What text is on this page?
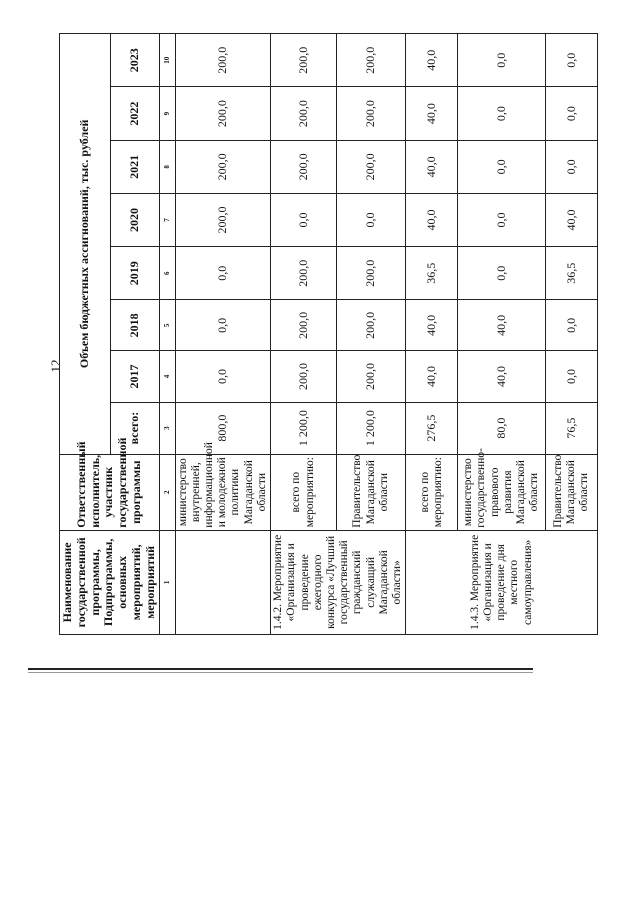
12
Наименование государственной программы, Подпрограммы, основных мероприятий, мероприятий	Ответственный исполнитель, участник государственной программы	Объем бюджетных ассигнований, тыс. рублей							
		всего:	2017	2018	2019	2020	2021	2022	2023
1	2	3	4	5	6	7	8	9	10
	министерство внутренней, информационной и молодежной политики Магаданской области	800,0	0,0	0,0	0,0	200,0	200,0	200,0	200,0
1.4.2. Мероприятие «Организация и проведение ежегодного конкурса «Лучший государственный гражданский служащий Магаданской области»	всего по мероприятию:	1 200,0	200,0	200,0	200,0	0,0	200,0	200,0	200,0
	Правительство Магаданской области	1 200,0	200,0	200,0	200,0	0,0	200,0	200,0	200,0
1.4.3. Мероприятие «Организация и проведение дня местного самоуправления»	всего по мероприятию:	276,5	40,0	40,0	36,5	40,0	40,0	40,0	40,0
	министерство государственно-правового развития Магаданской области	80,0	40,0	40,0	0,0	0,0	0,0	0,0	0,0
	Правительство Магаданской области	76,5	0,0	0,0	36,5	40,0	0,0	0,0	0,0
